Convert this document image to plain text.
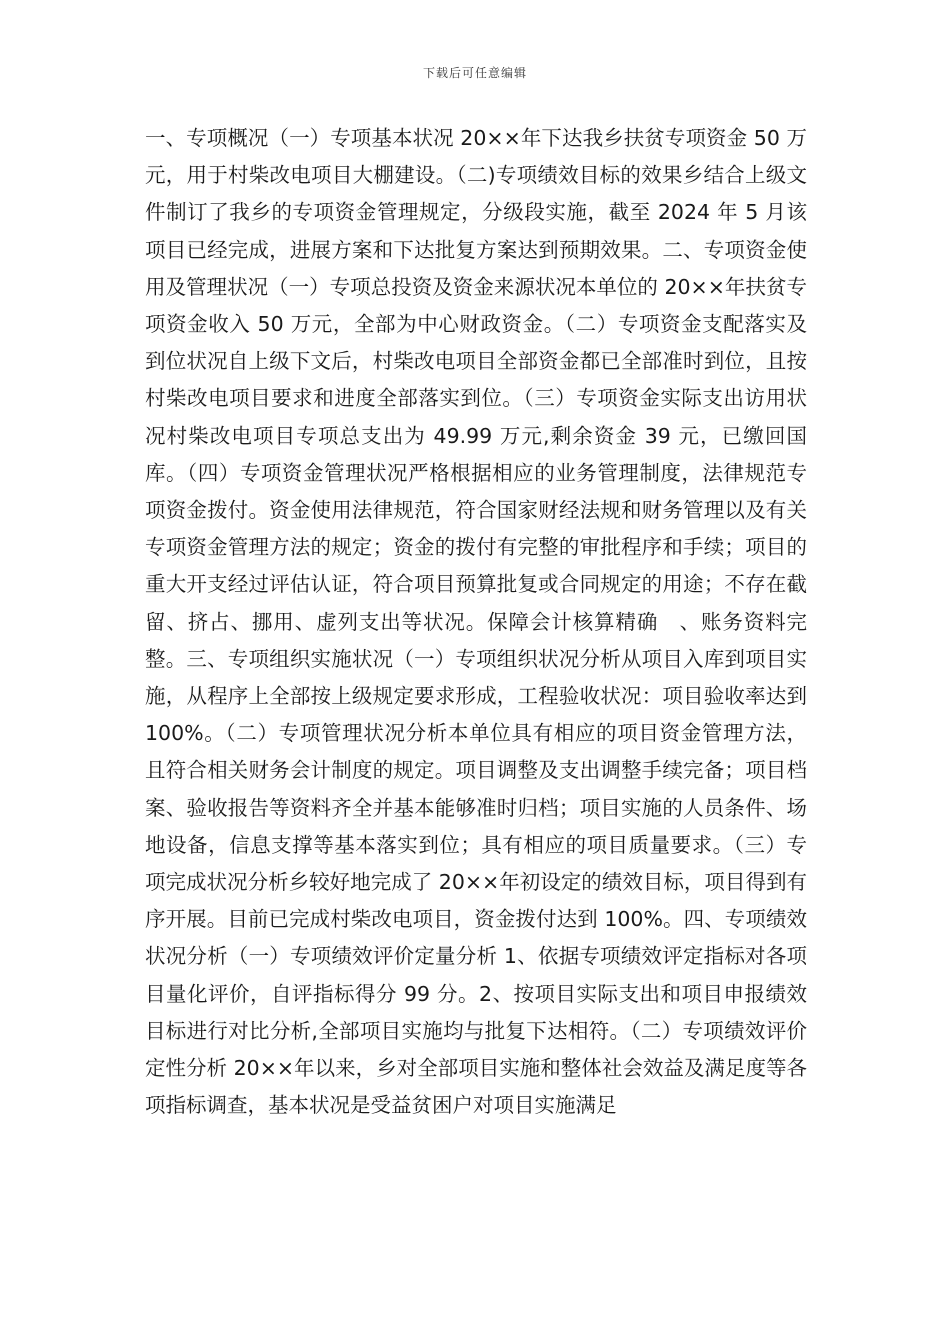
下载后可任意编辑

一、专项概况（一）专项基本状况 20××年下达我乡扶贫专项资金 50 万元，用于村柴改电项目大棚建设。（二)专项绩效目标的效果乡结合上级文件制订了我乡的专项资金管理规定，分级段实施，截至 2024 年 5 月该项目已经完成，进展方案和下达批复方案达到预期效果。二、专项资金使用及管理状况（一）专项总投资及资金来源状况本单位的 20××年扶贫专项资金收入 50 万元，全部为中心财政资金。（二）专项资金支配落实及到位状况自上级下文后，村柴改电项目全部资金都已全部准时到位，且按村柴改电项目要求和进度全部落实到位。（三）专项资金实际支出访用状况村柴改电项目专项总支出为 49.99 万元,剩余资金 39 元，已缴回国库。（四）专项资金管理状况严格根据相应的业务管理制度，法律规范专项资金拨付。资金使用法律规范，符合国家财经法规和财务管理以及有关专项资金管理方法的规定；资金的拨付有完整的审批程序和手续；项目的重大开支经过评估认证，符合项目预算批复或合同规定的用途；不存在截留、挤占、挪用、虚列支出等状况。保障会计核算精确　、账务资料完整。三、专项组织实施状况（一）专项组织状况分析从项目入库到项目实施，从程序上全部按上级规定要求形成，工程验收状况：项目验收率达到 100%。（二）专项管理状况分析本单位具有相应的项目资金管理方法，且符合相关财务会计制度的规定。项目调整及支出调整手续完备；项目档案、验收报告等资料齐全并基本能够准时归档；项目实施的人员条件、场地设备，信息支撑等基本落实到位；具有相应的项目质量要求。（三）专项完成状况分析乡较好地完成了 20××年初设定的绩效目标，项目得到有序开展。目前已完成村柴改电项目，资金拨付达到 100%。四、专项绩效状况分析（一）专项绩效评价定量分析 1、依据专项绩效评定指标对各项目量化评价，自评指标得分 99 分。2、按项目实际支出和项目申报绩效目标进行对比分析,全部项目实施均与批复下达相符。（二）专项绩效评价定性分析 20××年以来，乡对全部项目实施和整体社会效益及满足度等各项指标调查，基本状况是受益贫困户对项目实施满足
